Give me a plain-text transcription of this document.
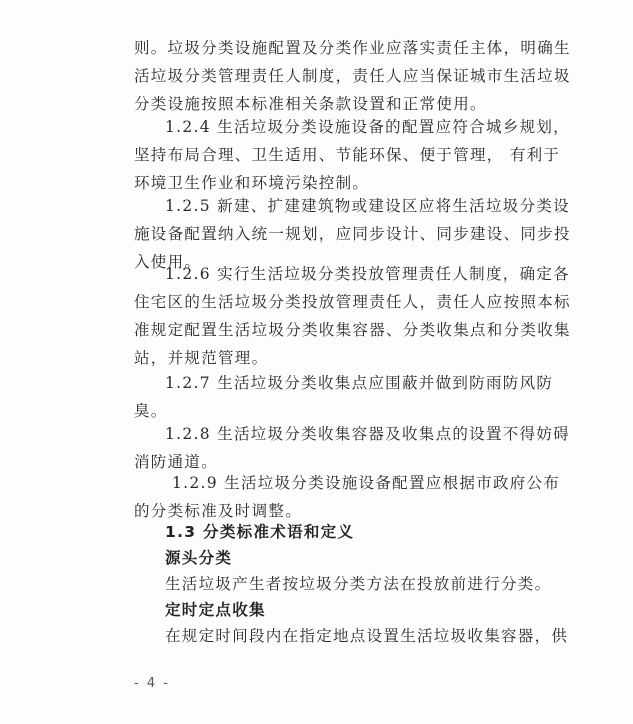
则。垃圾分类设施配置及分类作业应落实责任主体，明确生
活垃圾分类管理责任人制度，责任人应当保证城市生活垃圾
分类设施按照本标准相关条款设置和正常使用。
1.2.4 生活垃圾分类设施设备的配置应符合城乡规划，
坚持布局合理、卫生适用、节能环保、便于管理， 有利于
环境卫生作业和环境污染控制。
1.2.5 新建、扩建建筑物或建设区应将生活垃圾分类设
施设备配置纳入统一规划，应同步设计、同步建设、同步投
入使用。
1.2.6 实行生活垃圾分类投放管理责任人制度，确定各
住宅区的生活垃圾分类投放管理责任人，责任人应按照本标
准规定配置生活垃圾分类收集容器、分类收集点和分类收集
站，并规范管理。
1.2.7 生活垃圾分类收集点应围蔽并做到防雨防风防
臭。
1.2.8 生活垃圾分类收集容器及收集点的设置不得妨碍
消防通道。
1.2.9 生活垃圾分类设施设备配置应根据市政府公布
的分类标准及时调整。
1.3 分类标准术语和定义
源头分类
生活垃圾产生者按垃圾分类方法在投放前进行分类。
定时定点收集
在规定时间段内在指定地点设置生活垃圾收集容器，供
- 4 -
